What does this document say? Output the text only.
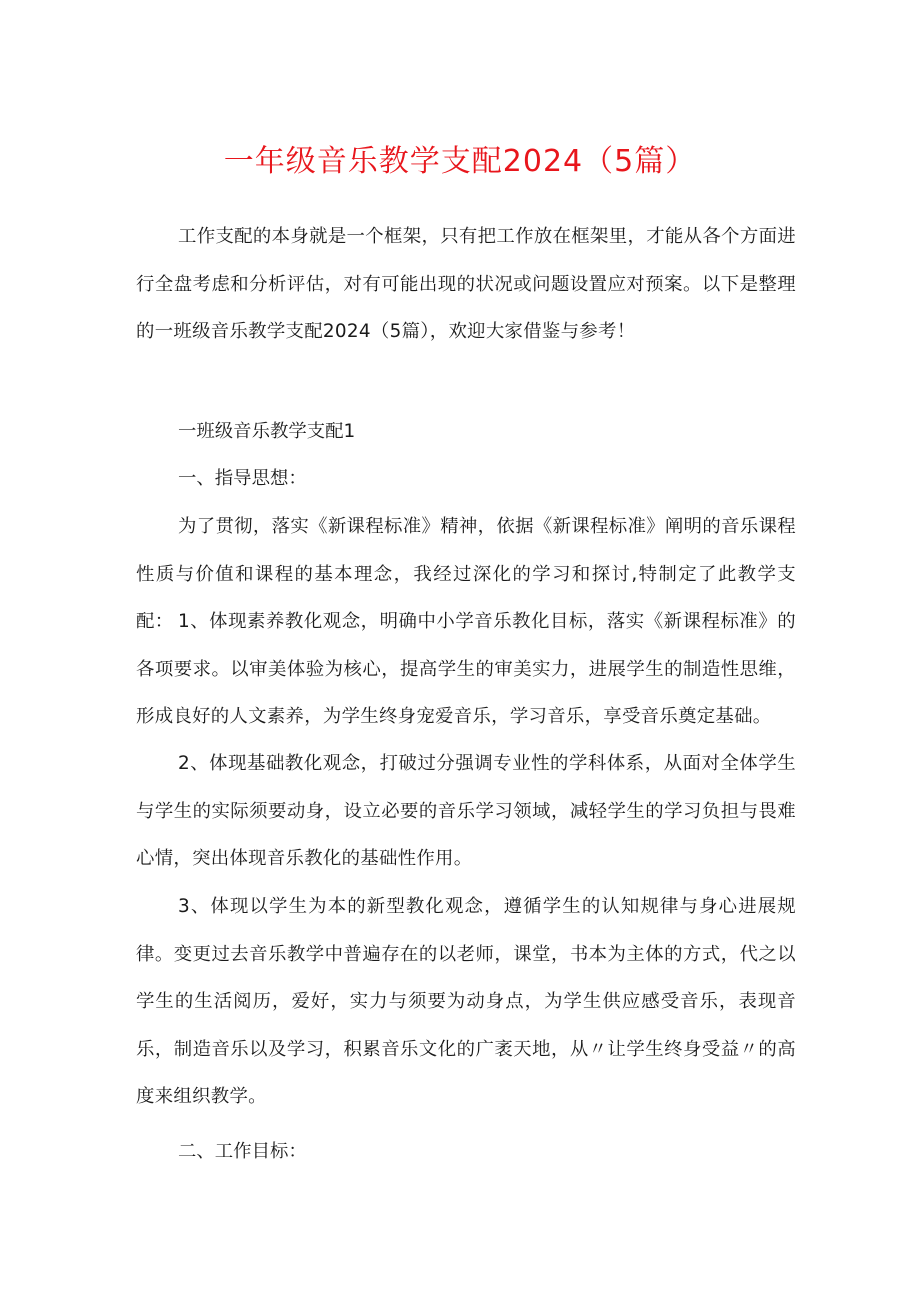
一年级音乐教学支配2024（5篇）

工作支配的本身就是一个框架，只有把工作放在框架里，才能从各个方面进行全盘考虑和分析评估，对有可能出现的状况或问题设置应对预案。以下是整理的一班级音乐教学支配2024（5篇），欢迎大家借鉴与参考！

一班级音乐教学支配1

一、指导思想：

为了贯彻，落实《新课程标准》精神，依据《新课程标准》阐明的音乐课程性质与价值和课程的基本理念，我经过深化的学习和探讨,特制定了此教学支配： 1、体现素养教化观念，明确中小学音乐教化目标，落实《新课程标准》的各项要求。以审美体验为核心，提高学生的审美实力，进展学生的制造性思维，形成良好的人文素养，为学生终身宠爱音乐，学习音乐，享受音乐奠定基础。

2、体现基础教化观念，打破过分强调专业性的学科体系，从面对全体学生与学生的实际须要动身，设立必要的音乐学习领域，减轻学生的学习负担与畏难心情，突出体现音乐教化的基础性作用。

3、体现以学生为本的新型教化观念，遵循学生的认知规律与身心进展规律。变更过去音乐教学中普遍存在的以老师，课堂，书本为主体的方式，代之以学生的生活阅历，爱好，实力与须要为动身点，为学生供应感受音乐，表现音乐，制造音乐以及学习，积累音乐文化的广袤天地，从〃让学生终身受益〃的高度来组织教学。

二、工作目标：
